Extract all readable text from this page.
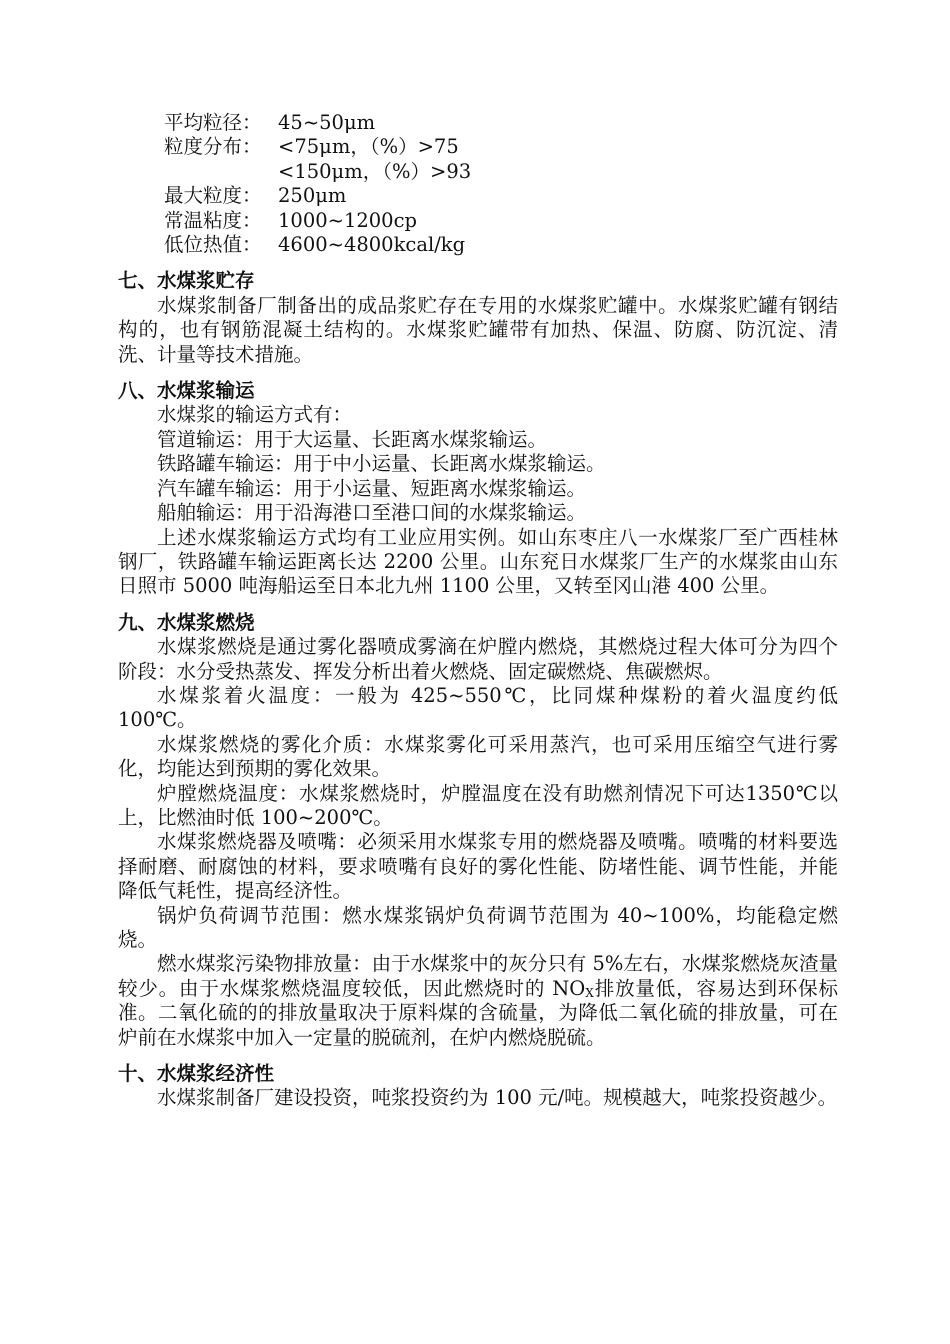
平均粒径： 45~50μm
粒度分布： <75μm，（%）>75
<150μm，（%）>93
最大粒度： 250μm
常温粘度： 1000~1200cp
低位热值： 4600~4800kcal/kg
七、水煤浆贮存

水煤浆制备厂制备出的成品浆贮存在专用的水煤浆贮罐中。水煤浆贮罐有钢结构的，也有钢筋混凝土结构的。水煤浆贮罐带有加热、保温、防腐、防沉淀、清洗、计量等技术措施。

八、水煤浆输运

水煤浆的输运方式有：

管道输运：用于大运量、长距离水煤浆输运。

铁路罐车输运：用于中小运量、长距离水煤浆输运。

汽车罐车输运：用于小运量、短距离水煤浆输运。

船舶输运：用于沿海港口至港口间的水煤浆输运。

上述水煤浆输运方式均有工业应用实例。如山东枣庄八一水煤浆厂至广西桂林钢厂，铁路罐车输运距离长达 2200 公里。山东兖日水煤浆厂生产的水煤浆由山东日照市 5000 吨海船运至日本北九州 1100 公里，又转至冈山港 400 公里。

九、水煤浆燃烧

水煤浆燃烧是通过雾化器喷成雾滴在炉膛内燃烧，其燃烧过程大体可分为四个阶段：水分受热蒸发、挥发分析出着火燃烧、固定碳燃烧、焦碳燃烬。

水煤浆着火温度：一般为 425~550℃，比同煤种煤粉的着火温度约低100℃。

水煤浆燃烧的雾化介质：水煤浆雾化可采用蒸汽，也可采用压缩空气进行雾化，均能达到预期的雾化效果。

炉膛燃烧温度：水煤浆燃烧时，炉膛温度在没有助燃剂情况下可达1350℃以上，比燃油时低 100~200℃。

水煤浆燃烧器及喷嘴：必须采用水煤浆专用的燃烧器及喷嘴。喷嘴的材料要选择耐磨、耐腐蚀的材料，要求喷嘴有良好的雾化性能、防堵性能、调节性能，并能降低气耗性，提高经济性。

锅炉负荷调节范围：燃水煤浆锅炉负荷调节范围为 40~100%，均能稳定燃烧。

燃水煤浆污染物排放量：由于水煤浆中的灰分只有 5%左右，水煤浆燃烧灰渣量较少。由于水煤浆燃烧温度较低，因此燃烧时的 $NO_X$排放量低，容易达到环保标准。二氧化硫的的排放量取决于原料煤的含硫量，为降低二氧化硫的排放量，可在炉前在水煤浆中加入一定量的脱硫剂，在炉内燃烧脱硫。

十、水煤浆经济性

水煤浆制备厂建设投资，吨浆投资约为 100 元/吨。规模越大，吨浆投资越少。
